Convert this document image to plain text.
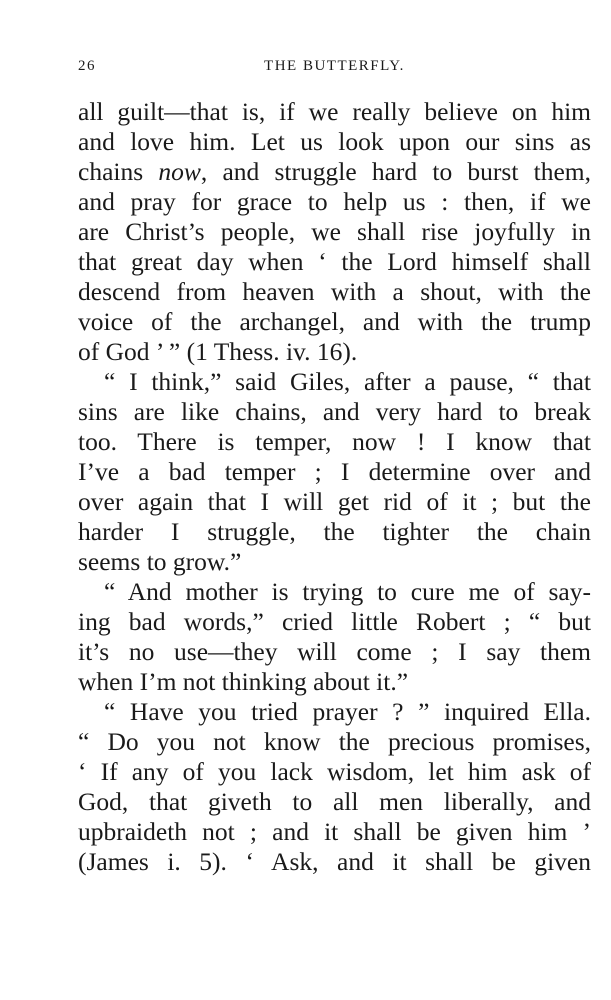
26	THE BUTTERFLY.
all guilt—that is, if we really believe on him
and love him. Let us look upon our sins as
chains now, and struggle hard to burst them,
and pray for grace to help us : then, if we
are Christ’s people, we shall rise joyfully in
that great day when ‘ the Lord himself shall
descend from heaven with a shout, with the
voice of the archangel, and with the trump
of God ’ ” (1 Thess. iv. 16).
“ I think,” said Giles, after a pause, “ that
sins are like chains, and very hard to break
too. There is temper, now ! I know that
I’ve a bad temper ; I determine over and
over again that I will get rid of it ; but the
harder I struggle, the tighter the chain
seems to grow.”
“ And mother is trying to cure me of say-
ing bad words,” cried little Robert ; “ but
it’s no use—they will come ; I say them
when I’m not thinking about it.”
“ Have you tried prayer ? ” inquired Ella.
“ Do you not know the precious promises,
‘ If any of you lack wisdom, let him ask of
God, that giveth to all men liberally, and
upbraideth not ; and it shall be given him ’
(James i. 5). ‘ Ask, and it shall be given
